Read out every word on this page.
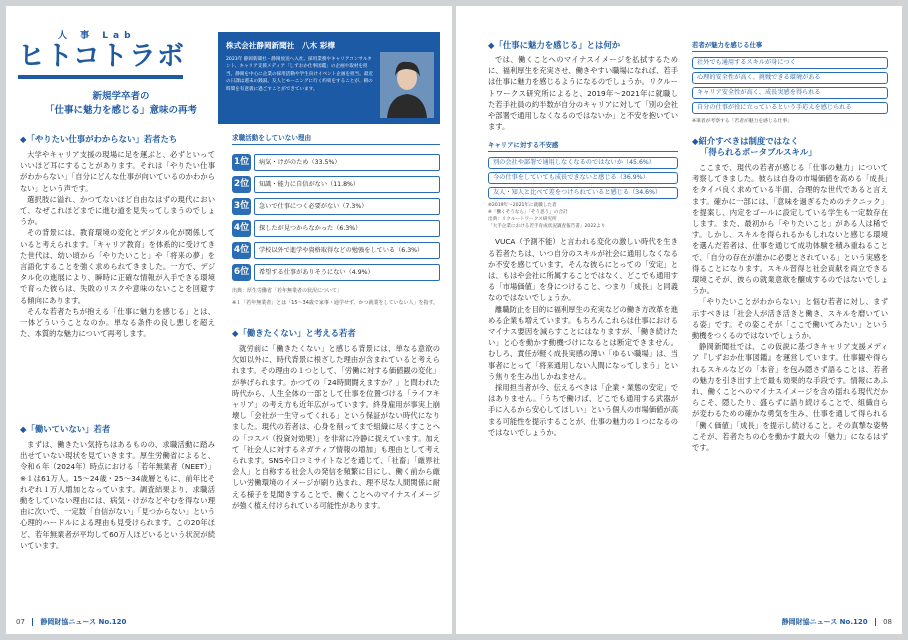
人 事 Lab
ヒトコトラボ
新規学卒者の
「仕事に魅力を感じる」意味の再考
株式会社静岡新聞社　八木 彩樺
2023年 静岡新聞社・静岡放送へ入社。採用業務やキャリアコンサルタント、キャリア支援メディア「しずおか仕事図鑑」の企画や取材を担当。静岡を中心に企業の採用活動や学生向けイベント企画を担当。最近の日課は週末の銭湯。友人とモーニングに行く約束をすることが、朝の時間を有意義に過ごすことができています。
◆「やりたい仕事がわからない」若者たち

大学やキャリア支援の現場に足を運ぶと、必ずといっていいほど耳にすることがあります。それは「やりたい仕事がわからない」「自分にどんな仕事が向いているのかわからない」という声です。

選択肢に溢れ、かつてないほど自由なはずの現代において、なぜこれほどまでに進む道を見失ってしまうのでしょうか。

その背景には、教育環境の変化とデジタル化が関係していると考えられます。「キャリア教育」を体系的に受けてきた世代は、幼い頃から「やりたいこと」や「将来の夢」を言語化することを強く求められてきました。一方で、デジタル化の進展により、瞬時に正確な情報が入手できる環境で育った彼らは、失敗のリスクや意味のないことを回避する傾向にあります。

そんな若者たちが抱える「仕事に魅力を感じる」とは、一体どういうことなのか。単なる条件の良し悪しを超えた、本質的な魅力について再考します。

◆「働いていない」若者

まずは、働きたい気持ちはあるものの、求職活動に踏み出せていない現状を見ていきます。厚生労働省によると、令和６年（2024年）時点における「若年無業者（NEET）」※１は61万人。15～24歳・25～34歳層ともに、前年比それぞれ１万人増加となっています。調査結果より、求職活動をしていない理由には、病気・けがなどやむを得ない理由に次いで、一定数「自信がない」「見つからない」という心理的ハードルによる理由も見受けられます。この20年ほど、若年無業者が平均して60万人ほどいるという状況が続いています。

求職活動をしていない理由
1位	病気・けがのため（33.5%）
2位	知識・能力に自信がない（11.8%）
3位	急いで仕事につく必要がない（7.3%）
4位	探したが見つからなかった（6.3%）
4位	学校以外で進学や資格取得などの勉強をしている（6.3%）
6位	希望する仕事がありそうにない（4.9%）
出典：厚生労働省「若年無業者の状況について」
※１「若年無業者」とは「15～34歳で家事・通学せず、かつ就業をしていない人」を指す。
◆「働きたくない」と考える若者

就労前に「働きたくない」と感じる背景には、単なる意欲の欠如以外に、時代背景に根ざした理由が含まれていると考えられます。その理由の１つとして、「労働に対する価値観の変化」が挙げられます。かつての「24時間闘えますか？」と問われた時代から、人生全体の一部として仕事を位置づける「ライフキャリア」の考え方も近年広がっています。終身雇用が事実上崩壊し「会社が一生守ってくれる」という保証がない時代になりました。現代の若者は、心身を削ってまで組織に尽くすことへの「コスパ（投資対効果）」を非常に冷静に捉えています。加えて「社会人に対するネガティブ情報の増加」も理由として考えられます。SNSや口コミサイトなどを通じて、「社畜」「厳界社会人」と自称する社会人の発信を頻繁に目にし、働く前から厳しい労働環境のイメージが刷り込まれ、理不尽な人間関係に耐える様子を見聞きすることで、働くことへのマイナスイメージが強く植え付けられている可能性があります。

07 静岡財協ニュース No.120
◆「仕事に魅力を感じる」とは何か

では、働くことへのマイナスイメージを払拭するために、福利厚生を充実させ、働きやすい職場になれば、若手は仕事に魅力を感じるようになるのでしょうか。リクルートワークス研究所によると、2019年～2021年に就職した若手社員の約半数が自分のキャリアに対して「別の会社や部署で通用しなくなるのではないか」と不安を抱いています。

キャリアに対する不安感
別の会社や部署で通用しなくなるのではないか（45.6%）
今の仕事をしていても成長できないと感じる（36.9%）
友人・知人と比べて差をつけられていると感じる（34.6%）
※2019年～2021年に就職した者
※「働くそうなら」「そう思う」の合計
出典：リクルートワークス研究所
「大手企業における若手育成状況調査報告書」2022より

VUCA（予測不能）と言われる変化の激しい時代を生きる若者たちは、いつ自分のスキルが社会に通用しなくなるか不安を感じています。そんな彼らにとっての「安定」とは、もはや会社に所属することではなく、どこでも通用する「市場価値」を身につけること、つまり「成長」と同義なのではないでしょうか。

離職防止を目的に福利厚生の充実などの働き方改革を進める企業も増えています。もちろんこれらは仕事におけるマイナス要因を減らすことにはなりますが、「働き続けたい」と心を動かす動機づけになるとは断定できません。むしろ、責任が軽く成長実感の薄い「ゆるい職場」は、当事者にとって「将来通用しない人間になってしまう」という焦りを生み出しかねません。

採用担当者が今、伝えるべきは「企業・業態の安定」ではありません。「うちで働けば、どこでも通用する武器が手に入るから安心してほしい」という個人の市場価値が高まる可能性を提示することが、仕事の魅力の１つになるのではないでしょうか。

若者が魅力を感じる仕事
社外でも通用するスキルが身につく
心理的安全性が高く、挑戦できる環境がある
キャリア安全性が高く、成長実感を得られる
自分の仕事が役に立っているという手応えを感じられる
※筆者が考察する「若者が魅力を感じる仕事」
◆紹介すべきは制度ではなく
「得られるポータブルスキル」

ここまで、現代の若者が感じる「仕事の魅力」について考察してきました。彼らは自身の市場価値を高める「成長」をタイパ良く求めている半面、合理的な世代であると言えます。確かに一部には、「意味を過ぎるためのテクニック」を提案し、内定をゴールに設定している学生も一定数存在します。また、最初から「やりたいこと」がある人は稀です。しかし、スキルを得られるかもしれないと感じる環境を選んだ若者は、仕事を通じて成功体験を積み重ねることで、「自分の存在が誰かに必要とされている」という実感を得ることになります。スキル習得と社会貢献を両立できる環境こそが、彼らの就業意欲を醸成するのではないでしょうか。

「やりたいことがわからない」と悩む若者に対し、まず示すべきは「社会人が活き活きと働き、スキルを磨いている姿」です。その姿こそが「ここで働いてみたい」という動機をつくるのではないでしょうか。

静岡新聞社では、この仮説に基づきキャリア支援メディア『しずおか仕事図鑑』を運営しています。仕事観や得られるスキルなどの「本音」を包み隠さず語ることは、若者の魅力を引き出す上で最も効果的な手段です。情報にあふれ、働くことへのマイナスイメージを含め揺れる現代だからこそ、隠したり、盛らずに語り続けることで、組織自らが変わるための確かな勇気を生み、仕事を通して得られる「働く価値」「成長」を提示し続けること。その真摯な姿勢こそが、若者たちの心を動かす最大の「魅力」になるはずです。

静岡財協ニュース No.120 08
